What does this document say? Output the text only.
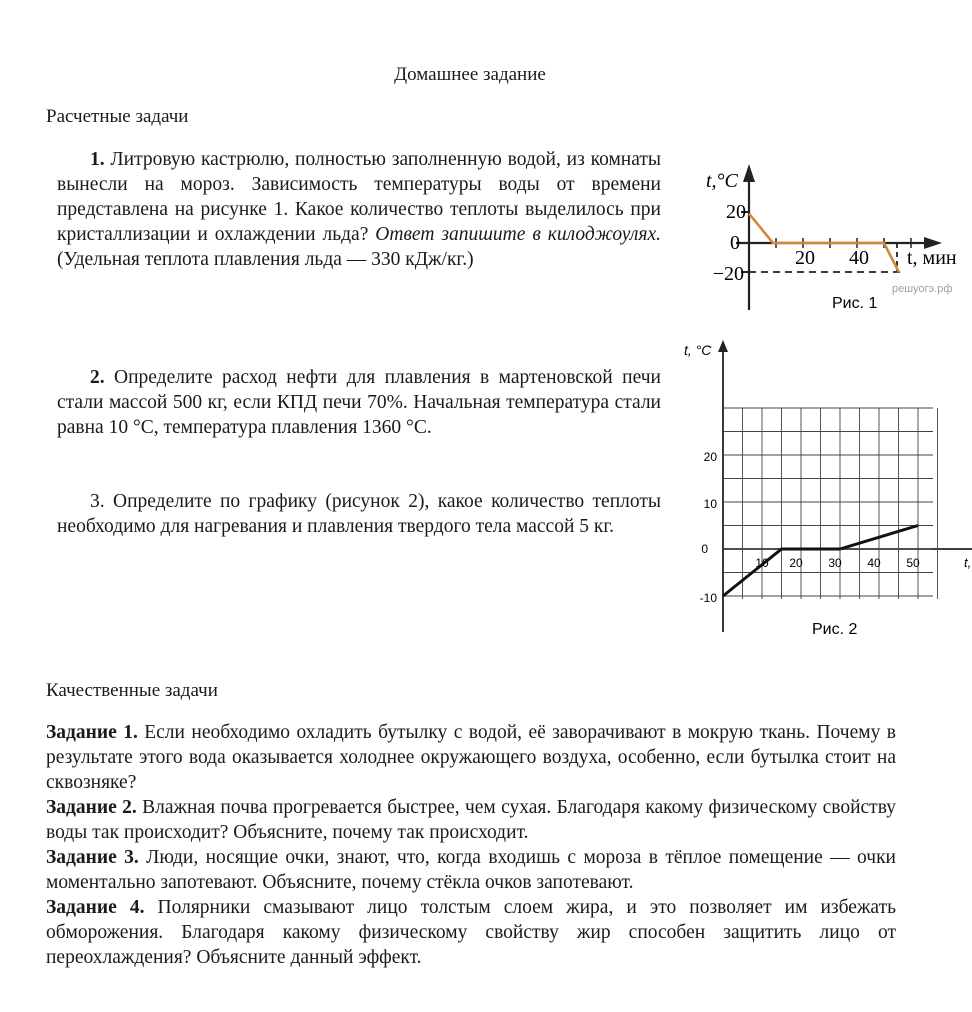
Домашнее задание
Расчетные задачи
1. Литровую кастрюлю, полностью заполненную водой, из комнаты вынесли на мороз. Зависимость температуры воды от времени представлена на рисунке 1. Какое количество теплоты выделилось при кристаллизации и охлаждении льда? Ответ запишите в килоджоулях. (Удельная теплота плавления льда — 330 кДж/кг.)
2. Определите расход нефти для плавления в мартеновской печи стали массой 500 кг, если КПД печи 70%. Начальная температура стали равна 10 °С, температура плавления 1360 °С.
3. Определите по графику (рисунок 2), какое количество теплоты необходимо для нагревания и плавления твердого тела массой 5 кг.
t,°C
20
0
−20
20 40 t, мин
Рис. 1
решуогэ.рф
t, °C
20
10
0
-10
10 20 30 40 50	t,
Рис. 2
Качественные задачи

Задание 1. Если необходимо охладить бутылку с водой, её заворачивают в мокрую ткань. Почему в результате этого вода оказывается холоднее окружающего воздуха, особенно, если бутылка стоит на сквозняке?

Задание 2. Влажная почва прогревается быстрее, чем сухая. Благодаря какому физическому свойству воды так происходит? Объясните, почему так происходит.

Задание 3. Люди, носящие очки, знают, что, когда входишь с мороза в тёплое помещение — очки моментально запотевают. Объясните, почему стёкла очков запотевают.

Задание 4. Полярники смазывают лицо толстым слоем жира, и это позволяет им избежать обморожения. Благодаря какому физическому свойству жир способен защитить лицо от переохлаждения? Объясните данный эффект.
